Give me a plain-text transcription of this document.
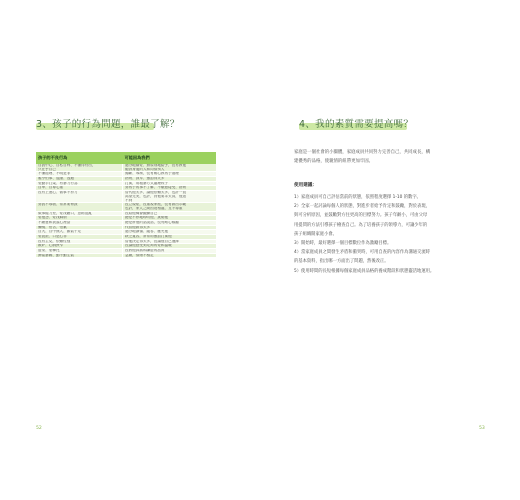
3、孩子的行為問題，誰最了解？
孩子的不良行為	可能因為我們

自我中心、自私自利、不懂得付出，
只在乎自己	過分地溺愛、無原則地給予，沒有教他
體諒身邊的人和同情別人

不懂道理、不明是非	獨斷、專制，沒有耐心教孩子道理

膽小怕事、退縮、逃避	指責、訓斥、懲罰得太多

愛動手打架、有暴力行為	打罵，用粗暴方式處理孩子

自卑、自尊心重	對孩子的事不了解、不願意接受、指責

沒有上進心、做事不努力	替代他太多，讓他依賴太多，也許一直
渴望完美，也許，對他要求太高，他追
不到

對我不尊敬、常常要脅我	沒立規矩，沒重視家庭，沒有做出示範
也許，家人之間因這相處，互不尊重

做事能力差，愛找藉口，思路混亂	沒給他機會鍛鍊自己

愛抱怨、愛找麻煩	總是不停地嘮叨他、挑剔他

不願意和我說心裡話	總是將他的話說話，沒有耐心傾聽

懶惰、怕苦、怕累	代替他做得太多

自大、目中無人、霸氣十足	過分地讚揚、縱容、應允他

愛説謊、口是心非	缺乏寬容，常常用懲罰打罵他

沒有主見，依賴性強	替他決定得太多，沒讓他自己選擇

嫉妒、心胸狹窄	沒讓他感受到足夠的愛和溫暖

虛榮、愛攀比	沒教他真誠和謙虛的品質

脾氣暴躁、動不動生氣	急躁，情緒不穩定
52
4、我的素質需要提高嗎？
家庭是一個社會的小團體，家庭成員共同努力完善自己，共同成長，構
建優秀的品格，使親情的紐帶更加牢固。
使用建議：
1）家庭成員可自己評估當前的狀態，依照程度選擇 1-10 的數字。
2）全家一起討論每個人的狀態，對進步者給予肯定和鼓勵，對於表現，
與可分析原因，並鼓勵對方往更高的目標努力。孩子年齡小，可由父母
用提問的方法引導孩子檢查自己。為了培養孩子的領導力，可讓少年的
孩子組織開家庭小會。
3）開始時，最好選擇一個目標數位作為激勵目標。
4）當家庭成員之間發生矛盾和衝突時，可用自查的內容作為溝通交流時
的基本資料，指出哪一方面出了問題，然後改正。
5）使用時間的長短根據每個家庭成員品格的養成階段和狀態靈活地運用。
53
